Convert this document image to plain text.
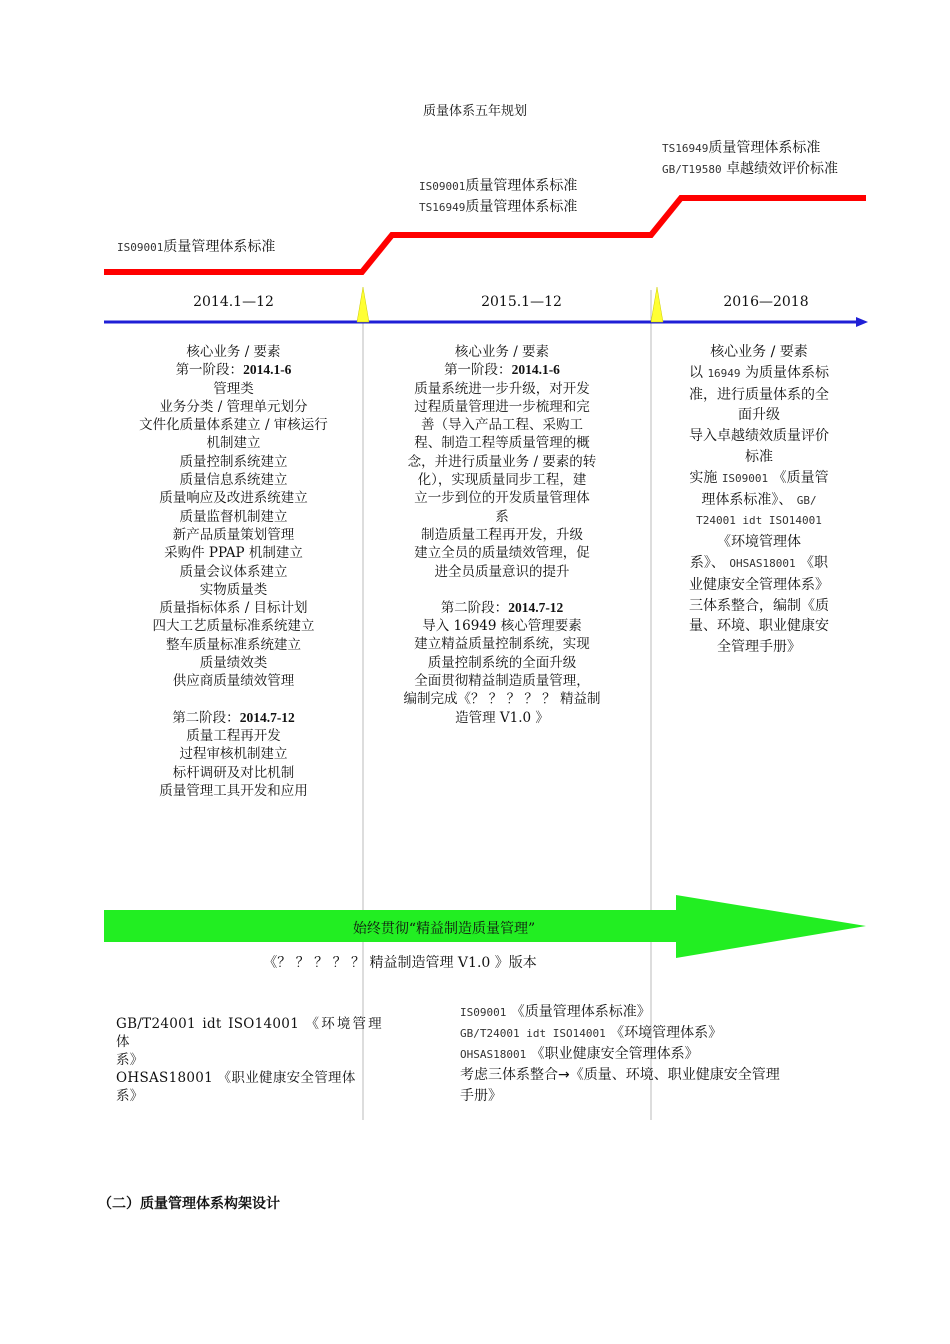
质量体系五年规划
IS09001质量管理体系标准
IS09001质量管理体系标准
TS16949质量管理体系标准
TS16949质量管理体系标准
GB/T19580 卓越绩效评价标准
2014.1—12	2015.1—12	2016—2018
核心业务 / 要素
第一阶段：2014.1-6
管理类
业务分类 / 管理单元划分
文件化质量体系建立 / 审核运行
机制建立
质量控制系统建立
质量信息系统建立
质量响应及改进系统建立
质量监督机制建立
新产品质量策划管理
采购件 PPAP 机制建立
质量会议体系建立
实物质量类
质量指标体系 / 目标计划
四大工艺质量标准系统建立
整车质量标准系统建立
质量绩效类
供应商质量绩效管理
第二阶段：2014.7-12
质量工程再开发
过程审核机制建立
标杆调研及对比机制
质量管理工具开发和应用
核心业务 / 要素
第一阶段：2014.1-6
质量系统进一步升级，对开发
过程质量管理进一步梳理和完
善（导入产品工程、采购工
程、制造工程等质量管理的概
念，并进行质量业务 / 要素的转
化），实现质量同步工程，建
立一步到位的开发质量管理体
系
制造质量工程再开发，升级
建立全员的质量绩效管理，促
进全员质量意识的提升
第二阶段：2014.7-12
导入 16949 核心管理要素
建立精益质量控制系统，实现
质量控制系统的全面升级
全面贯彻精益制造质量管理，
编制完成《？ ？ ？ ？ ？ 精益制
造管理 V1.0 》
核心业务 / 要素
以 16949 为质量体系标
准，进行质量体系的全
面升级
导入卓越绩效质量评价
标准
实施 IS09001 《质量管
理体系标准》、 GB/
T24001 idt ISO14001
《环境管理体
系》、 OHSAS18001 《职
业健康安全管理体系》
三体系整合，编制《质
量、环境、职业健康安
全管理手册》
始终贯彻“精益制造质量管理”
《？ ？ ？ ？ ？ 精益制造管理 V1.0 》版本
GB/T24001 idt ISO14001 《环境管理体
系》
OHSAS18001 《职业健康安全管理体
系》
IS09001 《质量管理体系标准》
GB/T24001 idt ISO14001 《环境管理体系》
OHSAS18001 《职业健康安全管理体系》
考虑三体系整合→《质量、环境、职业健康安全管理
手册》
（二）质量管理体系构架设计
